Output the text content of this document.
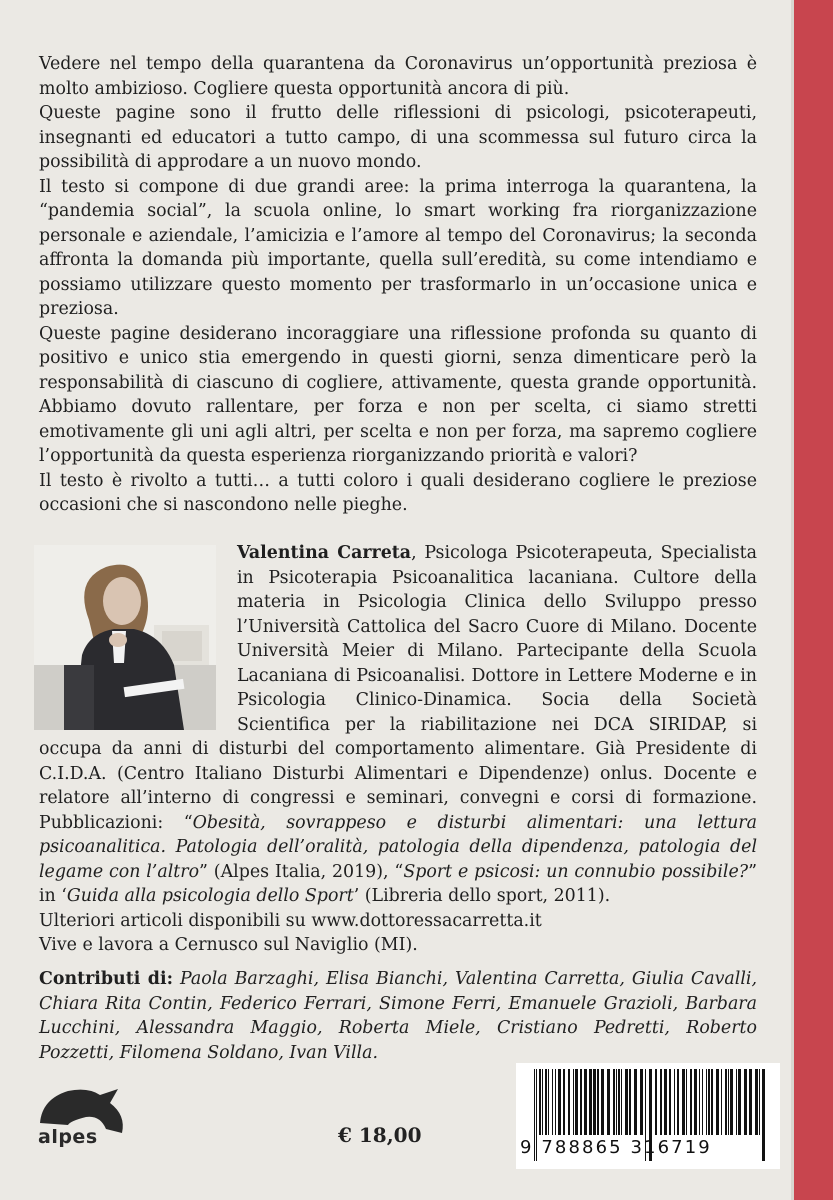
Vedere nel tempo della quarantena da Coronavirus un’opportunità preziosa è molto ambizioso. Cogliere questa opportunità ancora di più.

Queste pagine sono il frutto delle riflessioni di psicologi, psicoterapeuti, insegnanti ed educatori a tutto campo, di una scommessa sul futuro circa la possibilità di approdare a un nuovo mondo.

Il testo si compone di due grandi aree: la prima interroga la quarantena, la “pandemia social”, la scuola online, lo smart working fra riorganizzazione personale e aziendale, l’amicizia e l’amore al tempo del Coronavirus; la seconda affronta la domanda più importante, quella sull’eredità, su come intendiamo e possiamo utilizzare questo momento per trasformarlo in un’occasione unica e preziosa.

Queste pagine desiderano incoraggiare una riflessione profonda su quanto di positivo e unico stia emergendo in questi giorni, senza dimenticare però la responsabilità di ciascuno di cogliere, attivamente, questa grande opportunità. Abbiamo dovuto rallentare, per forza e non per scelta, ci siamo stretti emotivamente gli uni agli altri, per scelta e non per forza, ma sapremo cogliere l’opportunità da questa esperienza riorganizzando priorità e valori?

Il testo è rivolto a tutti… a tutti coloro i quali desiderano cogliere le preziose occasioni che si nascondono nelle pieghe.

Valentina Carreta, Psicologa Psicoterapeuta, Specialista in Psicoterapia Psicoanalitica lacaniana. Cultore della materia in Psicologia Clinica dello Sviluppo presso l’Università Cattolica del Sacro Cuore di Milano. Docente Università Meier di Milano. Partecipante della Scuola Lacaniana di Psicoanalisi. Dottore in Lettere Moderne e in Psicologia Clinico-Dinamica. Socia della Società Scientifica per la riabilitazione nei DCA SIRIDAP, si occupa da anni di disturbi del comportamento alimentare. Già Presidente di C.I.D.A. (Centro Italiano Disturbi Alimentari e Dipendenze) onlus. Docente e relatore all’interno di congressi e seminari, convegni e corsi di formazione. Pubblicazioni: “Obesità, sovrappeso e disturbi alimentari: una lettura psicoanalitica. Patologia dell’oralità, patologia della dipendenza, patologia del legame con l’altro” (Alpes Italia, 2019), “Sport e psicosi: un connubio possibile?” in ‘Guida alla psicologia dello Sport’ (Libreria dello sport, 2011).

Ulteriori articoli disponibili su www.dottoressacarretta.it

Vive e lavora a Cernusco sul Naviglio (MI).

Contributi di: Paola Barzaghi, Elisa Bianchi, Valentina Carretta, Giulia Cavalli, Chiara Rita Contin, Federico Ferrari, Simone Ferri, Emanuele Grazioli, Barbara Lucchini, Alessandra Maggio, Roberta Miele, Cristiano Pedretti, Roberto Pozzetti, Filomena Soldano, Ivan Villa.
alpes	€ 18,00
9 788865 316719
